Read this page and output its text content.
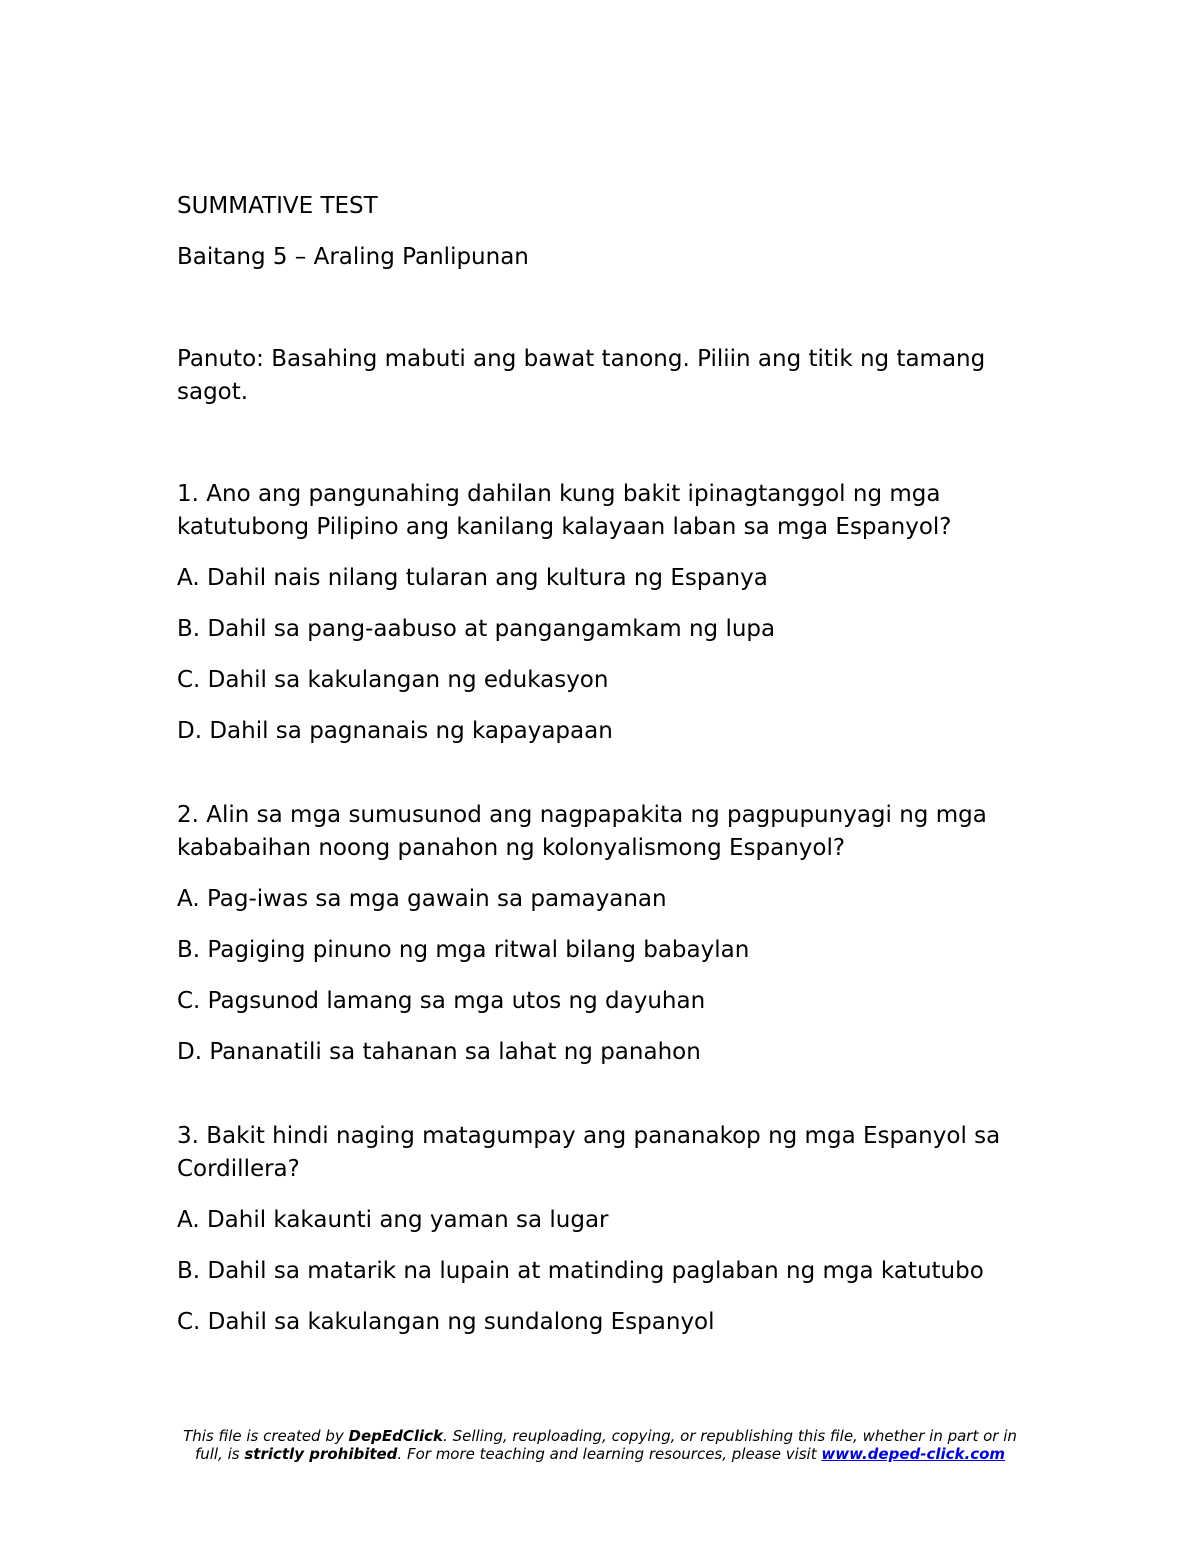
SUMMATIVE TEST

Baitang 5 – Araling Panlipunan

Panuto: Basahing mabuti ang bawat tanong. Piliin ang titik ng tamang sagot.

1. Ano ang pangunahing dahilan kung bakit ipinagtanggol ng mga katutubong Pilipino ang kanilang kalayaan laban sa mga Espanyol?

A. Dahil nais nilang tularan ang kultura ng Espanya

B. Dahil sa pang-aabuso at pangangamkam ng lupa

C. Dahil sa kakulangan ng edukasyon

D. Dahil sa pagnanais ng kapayapaan

2. Alin sa mga sumusunod ang nagpapakita ng pagpupunyagi ng mga kababaihan noong panahon ng kolonyalismong Espanyol?

A. Pag-iwas sa mga gawain sa pamayanan

B. Pagiging pinuno ng mga ritwal bilang babaylan

C. Pagsunod lamang sa mga utos ng dayuhan

D. Pananatili sa tahanan sa lahat ng panahon

3. Bakit hindi naging matagumpay ang pananakop ng mga Espanyol sa Cordillera?

A. Dahil kakaunti ang yaman sa lugar

B. Dahil sa matarik na lupain at matinding paglaban ng mga katutubo

C. Dahil sa kakulangan ng sundalong Espanyol

This file is created by DepEdClick. Selling, reuploading, copying, or republishing this file, whether in part or in full, is strictly prohibited. For more teaching and learning resources, please visit www.deped-click.com
